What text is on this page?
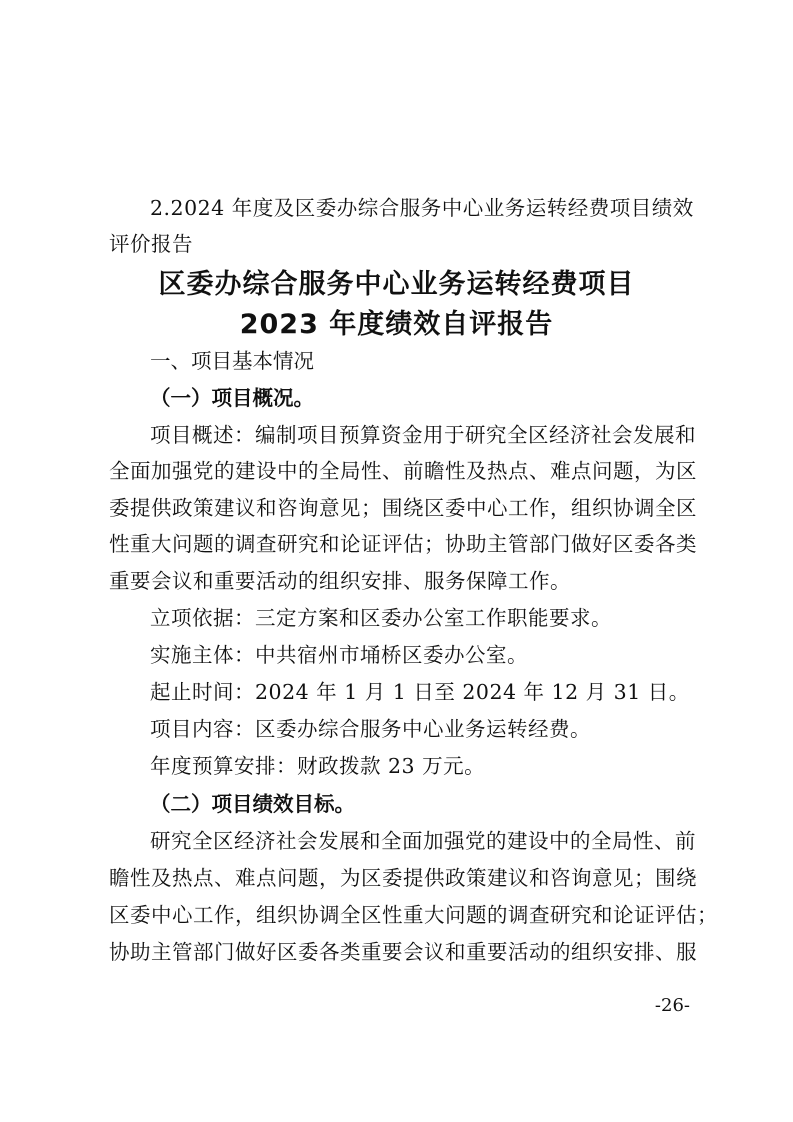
2.2024 年度及区委办综合服务中心业务运转经费项目绩效
评价报告
区委办综合服务中心业务运转经费项目
2023 年度绩效自评报告
一、项目基本情况
（一）项目概况。
项目概述：编制项目预算资金用于研究全区经济社会发展和
全面加强党的建设中的全局性、前瞻性及热点、难点问题，为区
委提供政策建议和咨询意见；围绕区委中心工作，组织协调全区
性重大问题的调查研究和论证评估；协助主管部门做好区委各类
重要会议和重要活动的组织安排、服务保障工作。
立项依据：三定方案和区委办公室工作职能要求。
实施主体：中共宿州市埇桥区委办公室。
起止时间：2024 年 1 月 1 日至 2024 年 12 月 31 日。
项目内容：区委办综合服务中心业务运转经费。
年度预算安排：财政拨款 23 万元。
（二）项目绩效目标。
研究全区经济社会发展和全面加强党的建设中的全局性、前
瞻性及热点、难点问题，为区委提供政策建议和咨询意见；围绕
区委中心工作，组织协调全区性重大问题的调查研究和论证评估；
协助主管部门做好区委各类重要会议和重要活动的组织安排、服
-26-
